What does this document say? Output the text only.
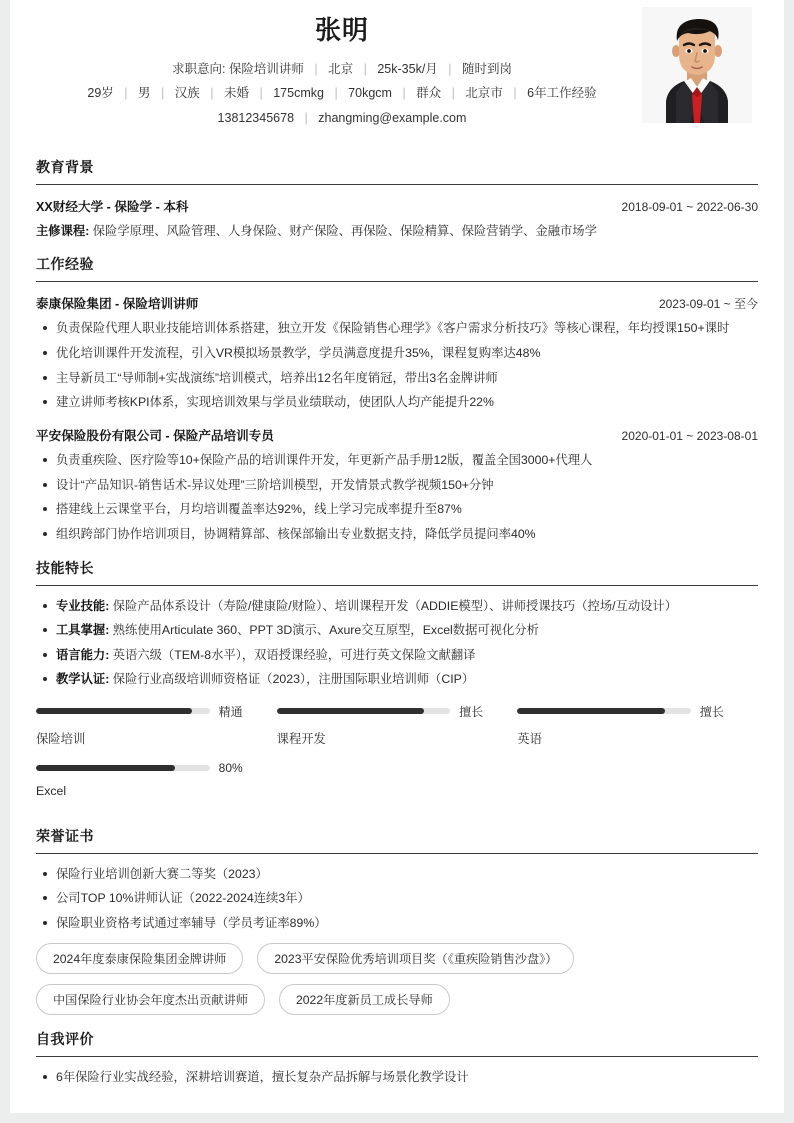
张明
求职意向: 保险培训讲师 | 北京 | 25k-35k/月 | 随时到岗
29岁 | 男 | 汉族 | 未婚 | 175cmkg | 70kgcm | 群众 | 北京市 | 6年工作经验
13812345678 | zhangming@example.com
教育背景
XX财经大学 - 保险学 - 本科	2018-09-01 ~ 2022-06-30
主修课程: 保险学原理、风险管理、人身保险、财产保险、再保险、保险精算、保险营销学、金融市场学
工作经验
泰康保险集团 - 保险培训讲师	2023-09-01 ~ 至今
负责保险代理人职业技能培训体系搭建，独立开发《保险销售心理学》《客户需求分析技巧》等核心课程，年均授课150+课时
优化培训课件开发流程，引入VR模拟场景教学，学员满意度提升35%，课程复购率达48%
主导新员工“导师制+实战演练”培训模式，培养出12名年度销冠，带出3名金牌讲师
建立讲师考核KPI体系，实现培训效果与学员业绩联动，使团队人均产能提升22%
平安保险股份有限公司 - 保险产品培训专员	2020-01-01 ~ 2023-08-01
负责重疾险、医疗险等10+保险产品的培训课件开发，年更新产品手册12版，覆盖全国3000+代理人
设计“产品知识-销售话术-异议处理”三阶培训模型，开发情景式教学视频150+分钟
搭建线上云课堂平台，月均培训覆盖率达92%，线上学习完成率提升至87%
组织跨部门协作培训项目，协调精算部、核保部输出专业数据支持，降低学员提问率40%
技能特长
专业技能: 保险产品体系设计（寿险/健康险/财险）、培训课程开发（ADDIE模型）、讲师授课技巧（控场/互动设计）
工具掌握: 熟练使用Articulate 360、PPT 3D演示、Axure交互原型，Excel数据可视化分析
语言能力: 英语六级（TEM-8水平），双语授课经验，可进行英文保险文献翻译
教学认证: 保险行业高级培训师资格证（2023），注册国际职业培训师（CIP）
精通
保险培训
擅长
课程开发
擅长
英语
80%
Excel
荣誉证书
保险行业培训创新大赛二等奖（2023）
公司TOP 10%讲师认证（2022-2024连续3年）
保险职业资格考试通过率辅导（学员考证率89%）
2024年度泰康保险集团金牌讲师	2023平安保险优秀培训项目奖（《重疾险销售沙盘》）
中国保险行业协会年度杰出贡献讲师	2022年度新员工成长导师
自我评价
6年保险行业实战经验，深耕培训赛道，擅长复杂产品拆解与场景化教学设计
